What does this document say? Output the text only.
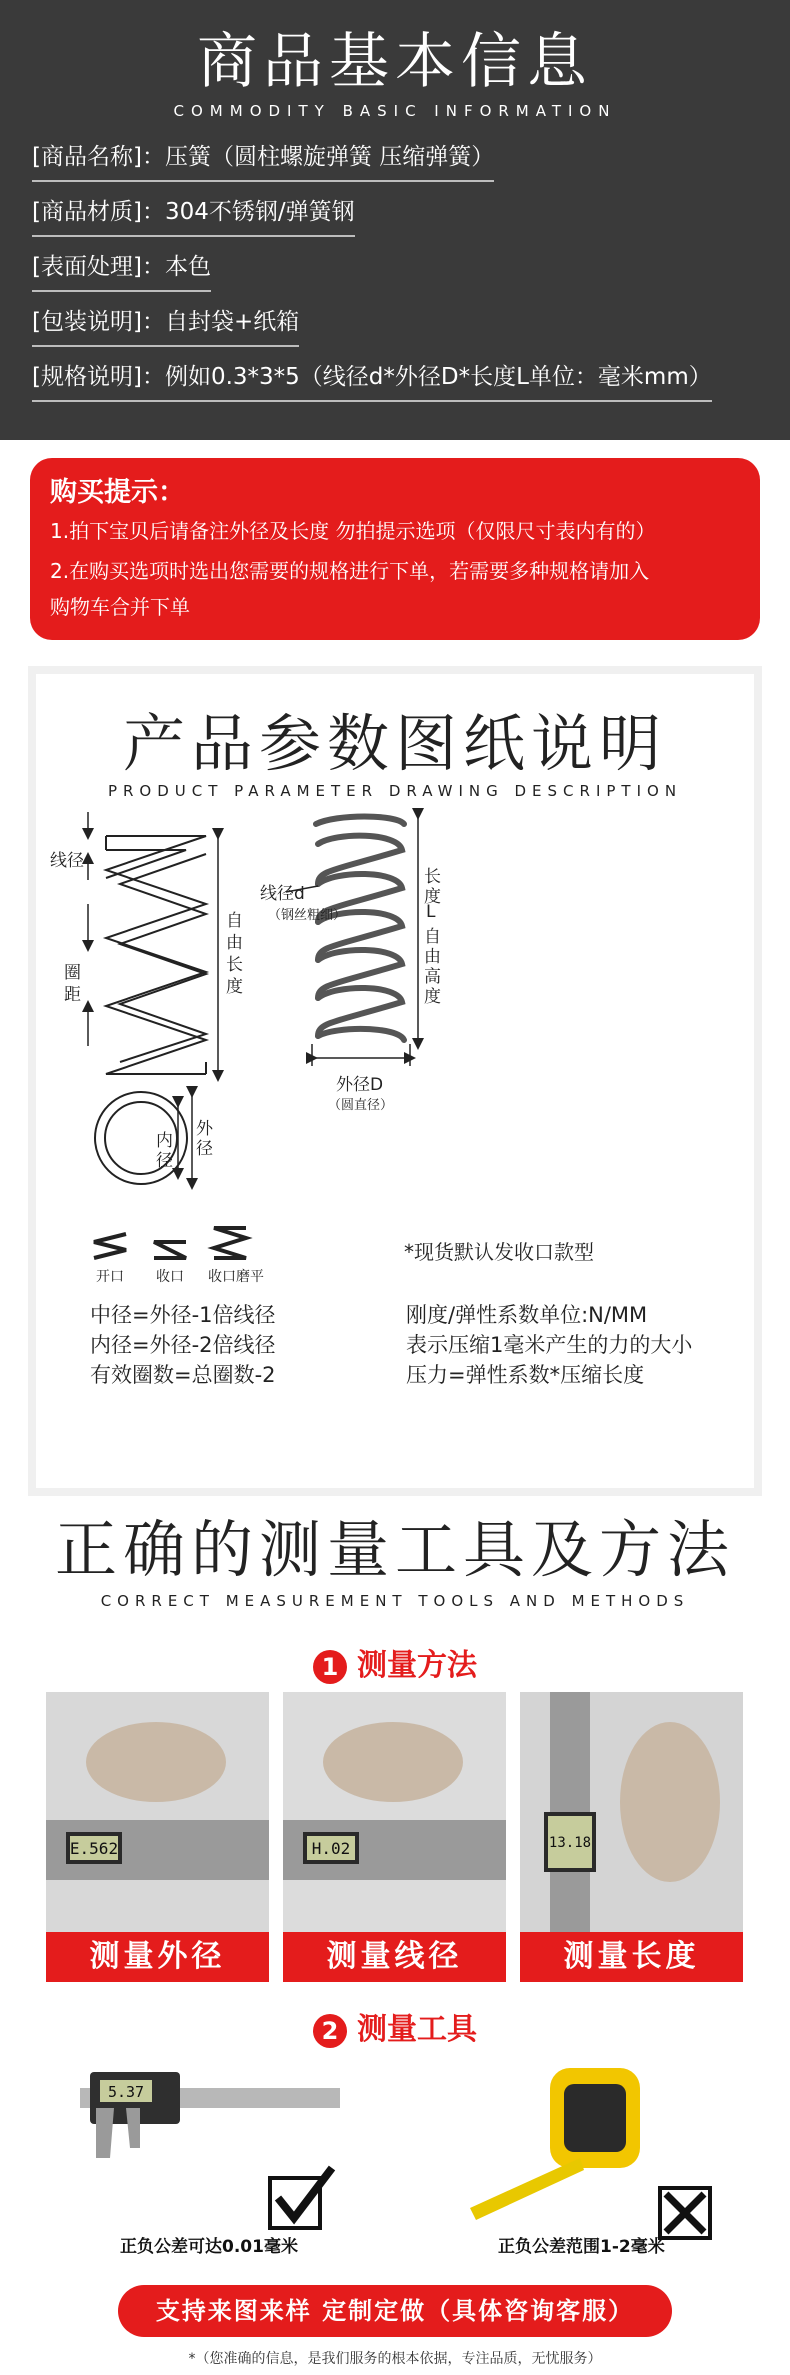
商品基本信息
COMMODITY BASIC INFORMATION
[商品名称]：压簧（圆柱螺旋弹簧 压缩弹簧）
[商品材质]：304不锈钢/弹簧钢
[表面处理]：本色
[包装说明]：自封袋+纸箱
[规格说明]：例如0.3*3*5（线径d*外径D*长度L单位：毫米mm）
购买提示：
1.拍下宝贝后请备注外径及长度 勿拍提示选项（仅限尺寸表内有的）
2.在购买选项时选出您需要的规格进行下单，若需要多种规格请加入
购物车合并下单
产品参数图纸说明
PRODUCT PARAMETER DRAWING DESCRIPTION
线径
圈
距
自
由
长
度
线径d
（钢丝粗细）
长
度
L
自
由
高
度
外径D
（圆直径）
内
径
外
径
开口 收口 收口磨平
*现货默认发收口款型
中径=外径-1倍线径
内径=外径-2倍线径
有效圈数=总圈数-2
刚度/弹性系数单位:N/MM
表示压缩1毫米产生的力的大小
压力=弹性系数*压缩长度
正确的测量工具及方法
CORRECT MEASUREMENT TOOLS AND METHODS
1 测量方法
E.562
测量外径
H.02
测量线径
13.18
测量长度
2 测量工具
5.37
正负公差可达0.01毫米	正负公差范围1-2毫米
支持来图来样 定制定做（具体咨询客服）
*（您准确的信息，是我们服务的根本依据，专注品质，无忧服务）
